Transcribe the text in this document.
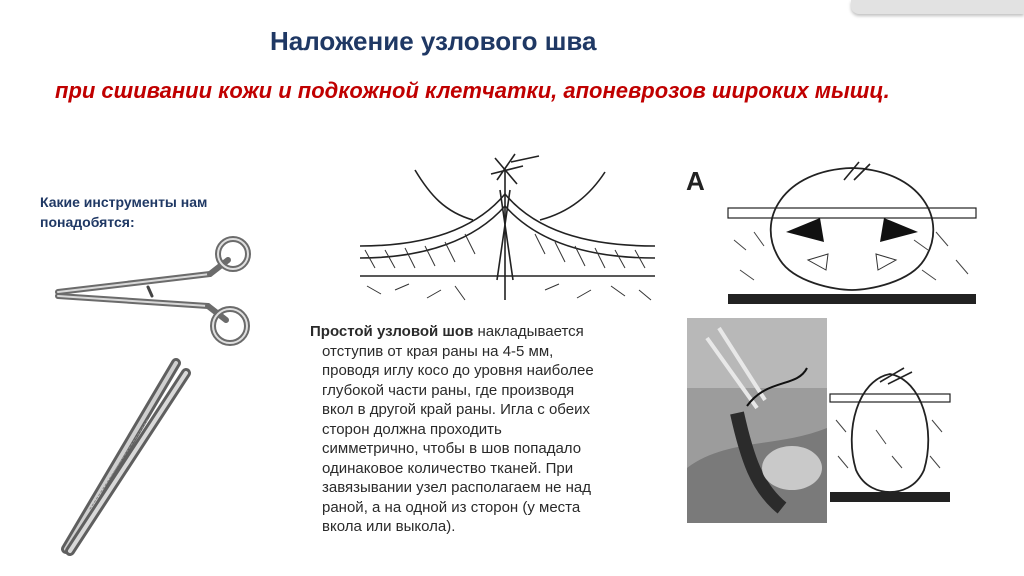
Наложение узлового шва
при сшивании кожи и подкожной клетчатки, апоневрозов широких мышц.
Какие инструменты нам понадобятся:
А
Простой узловой шов накладывается
отступив от края раны на 4-5 мм,
проводя иглу косо до уровня наиболее
глубокой части раны, где производя
вкол в другой край раны. Игла с обеих
сторон должна проходить
симметрично, чтобы в шов попадало
одинаковое количество тканей. При
завязывании узел располагаем не над
раной, а на одной из сторон (у места
вкола или выкола).
